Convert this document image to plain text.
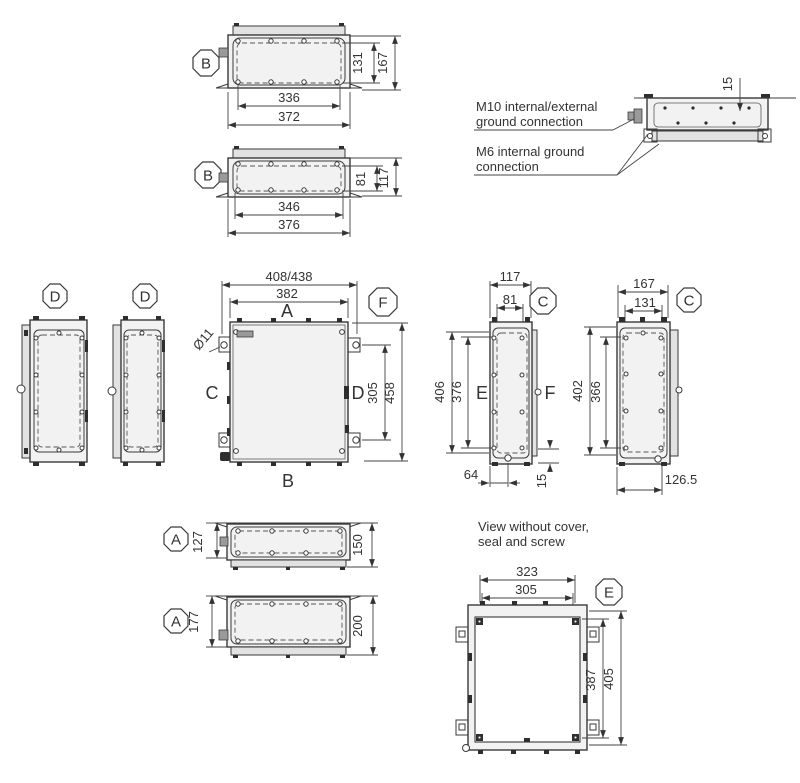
B	131 167
336
372
B	81 117
346
376
15
M10 internal/external
ground connection
M6 internal ground
connection
D	D
408/438
382
A	F
Ø11
C	D
B
305 458
117
81 C
E	F
406 376
64	15
167
131 C
402 366
126.5
A 127	150
A 177	200
View without cover,
seal and screw
323
305	E
387 405
